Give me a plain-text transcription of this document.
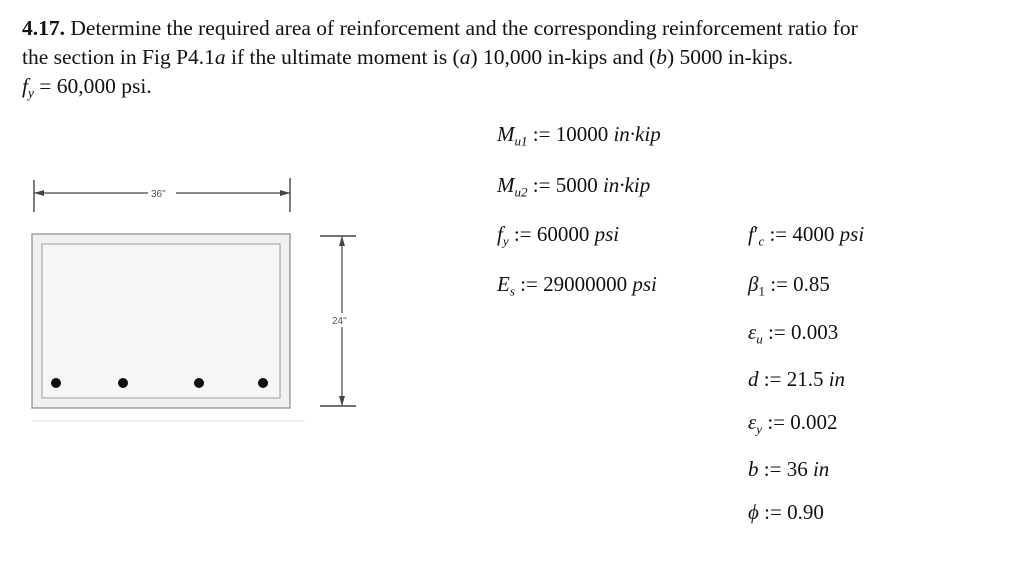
4.17. Determine the required area of reinforcement and the corresponding reinforcement ratio for

the section in Fig P4.1a if the ultimate moment is (a) 10,000 in-kips and (b) 5000 in-kips.

$f_y = 60,000$ psi.

36"
24"
$M_{u1}$ := 10000 in·kip
$M_{u2}$ := 5000 in·kip
$f_y$ := 60000 psi
$E_s$ := 29000000 psi
$f'_c$ := 4000 psi
$\beta_1$ := 0.85
$\varepsilon_u$ := 0.003
d := 21.5 in
$\varepsilon_y$ := 0.002
b := 36 in
ϕ := 0.90
